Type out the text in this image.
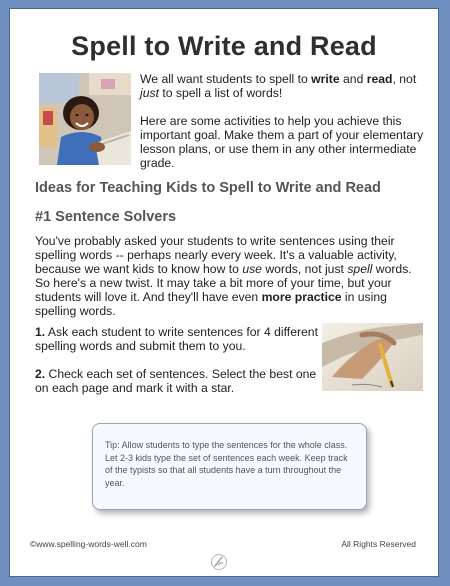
Spell to Write and Read

We all want students to spell to write and read, not just to spell a list of words!

Here are some activities to help you achieve this important goal. Make them a part of your elementary lesson plans, or use them in any other intermediate grade.

Ideas for Teaching Kids to Spell to Write and Read
#1 Sentence Solvers

You've probably asked your students to write sentences using their spelling words -- perhaps nearly every week. It's a valuable activity, because we want kids to know how to use words, not just spell words. So here's a new twist. It may take a bit more of your time, but your students will love it. And they'll have even more practice in using spelling words.

1. Ask each student to write sentences for 4 different spelling words and submit them to you.

2. Check each set of sentences. Select the best one on each page and mark it with a star.

Tip: Allow students to type the sentences for the whole class. Let 2-3 kids type the set of sentences each week. Keep track of the typists so that all students have a turn throughout the year.

©www.spelling-words-well.com	All Rights Reserved
